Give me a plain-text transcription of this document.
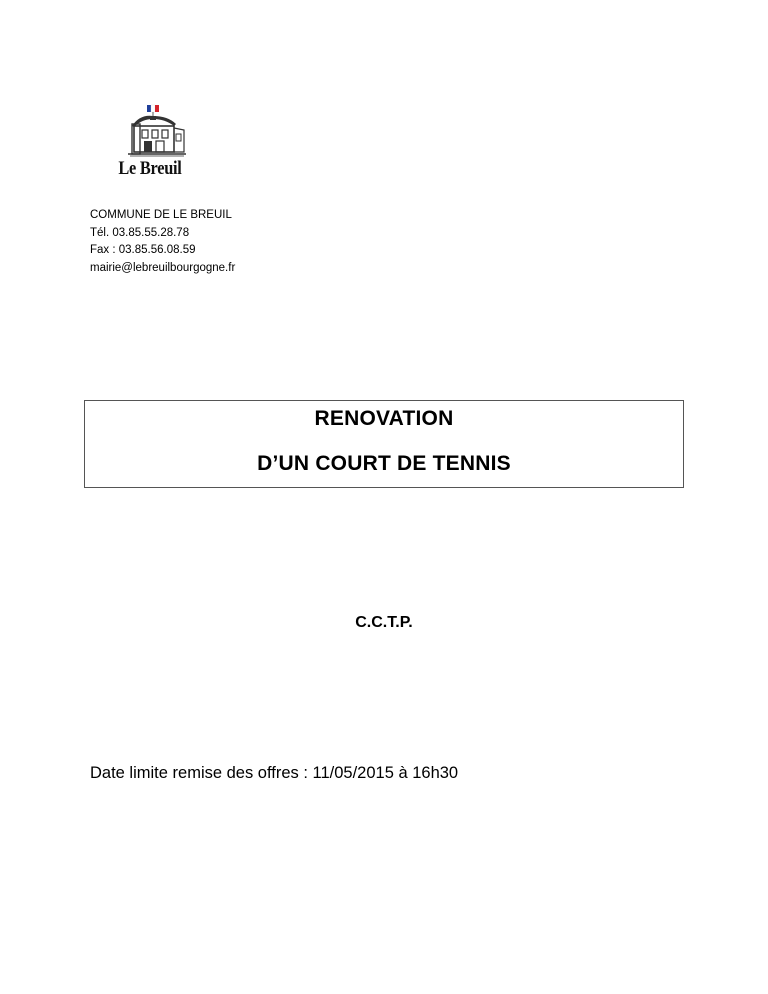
Le Breuil
COMMUNE DE LE BREUIL
Tél. 03.85.55.28.78
Fax : 03.85.56.08.59
mairie@lebreuilbourgogne.fr
RENOVATION
D’UN COURT DE TENNIS
C.C.T.P.
Date limite remise des offres : 11/05/2015 à 16h30
